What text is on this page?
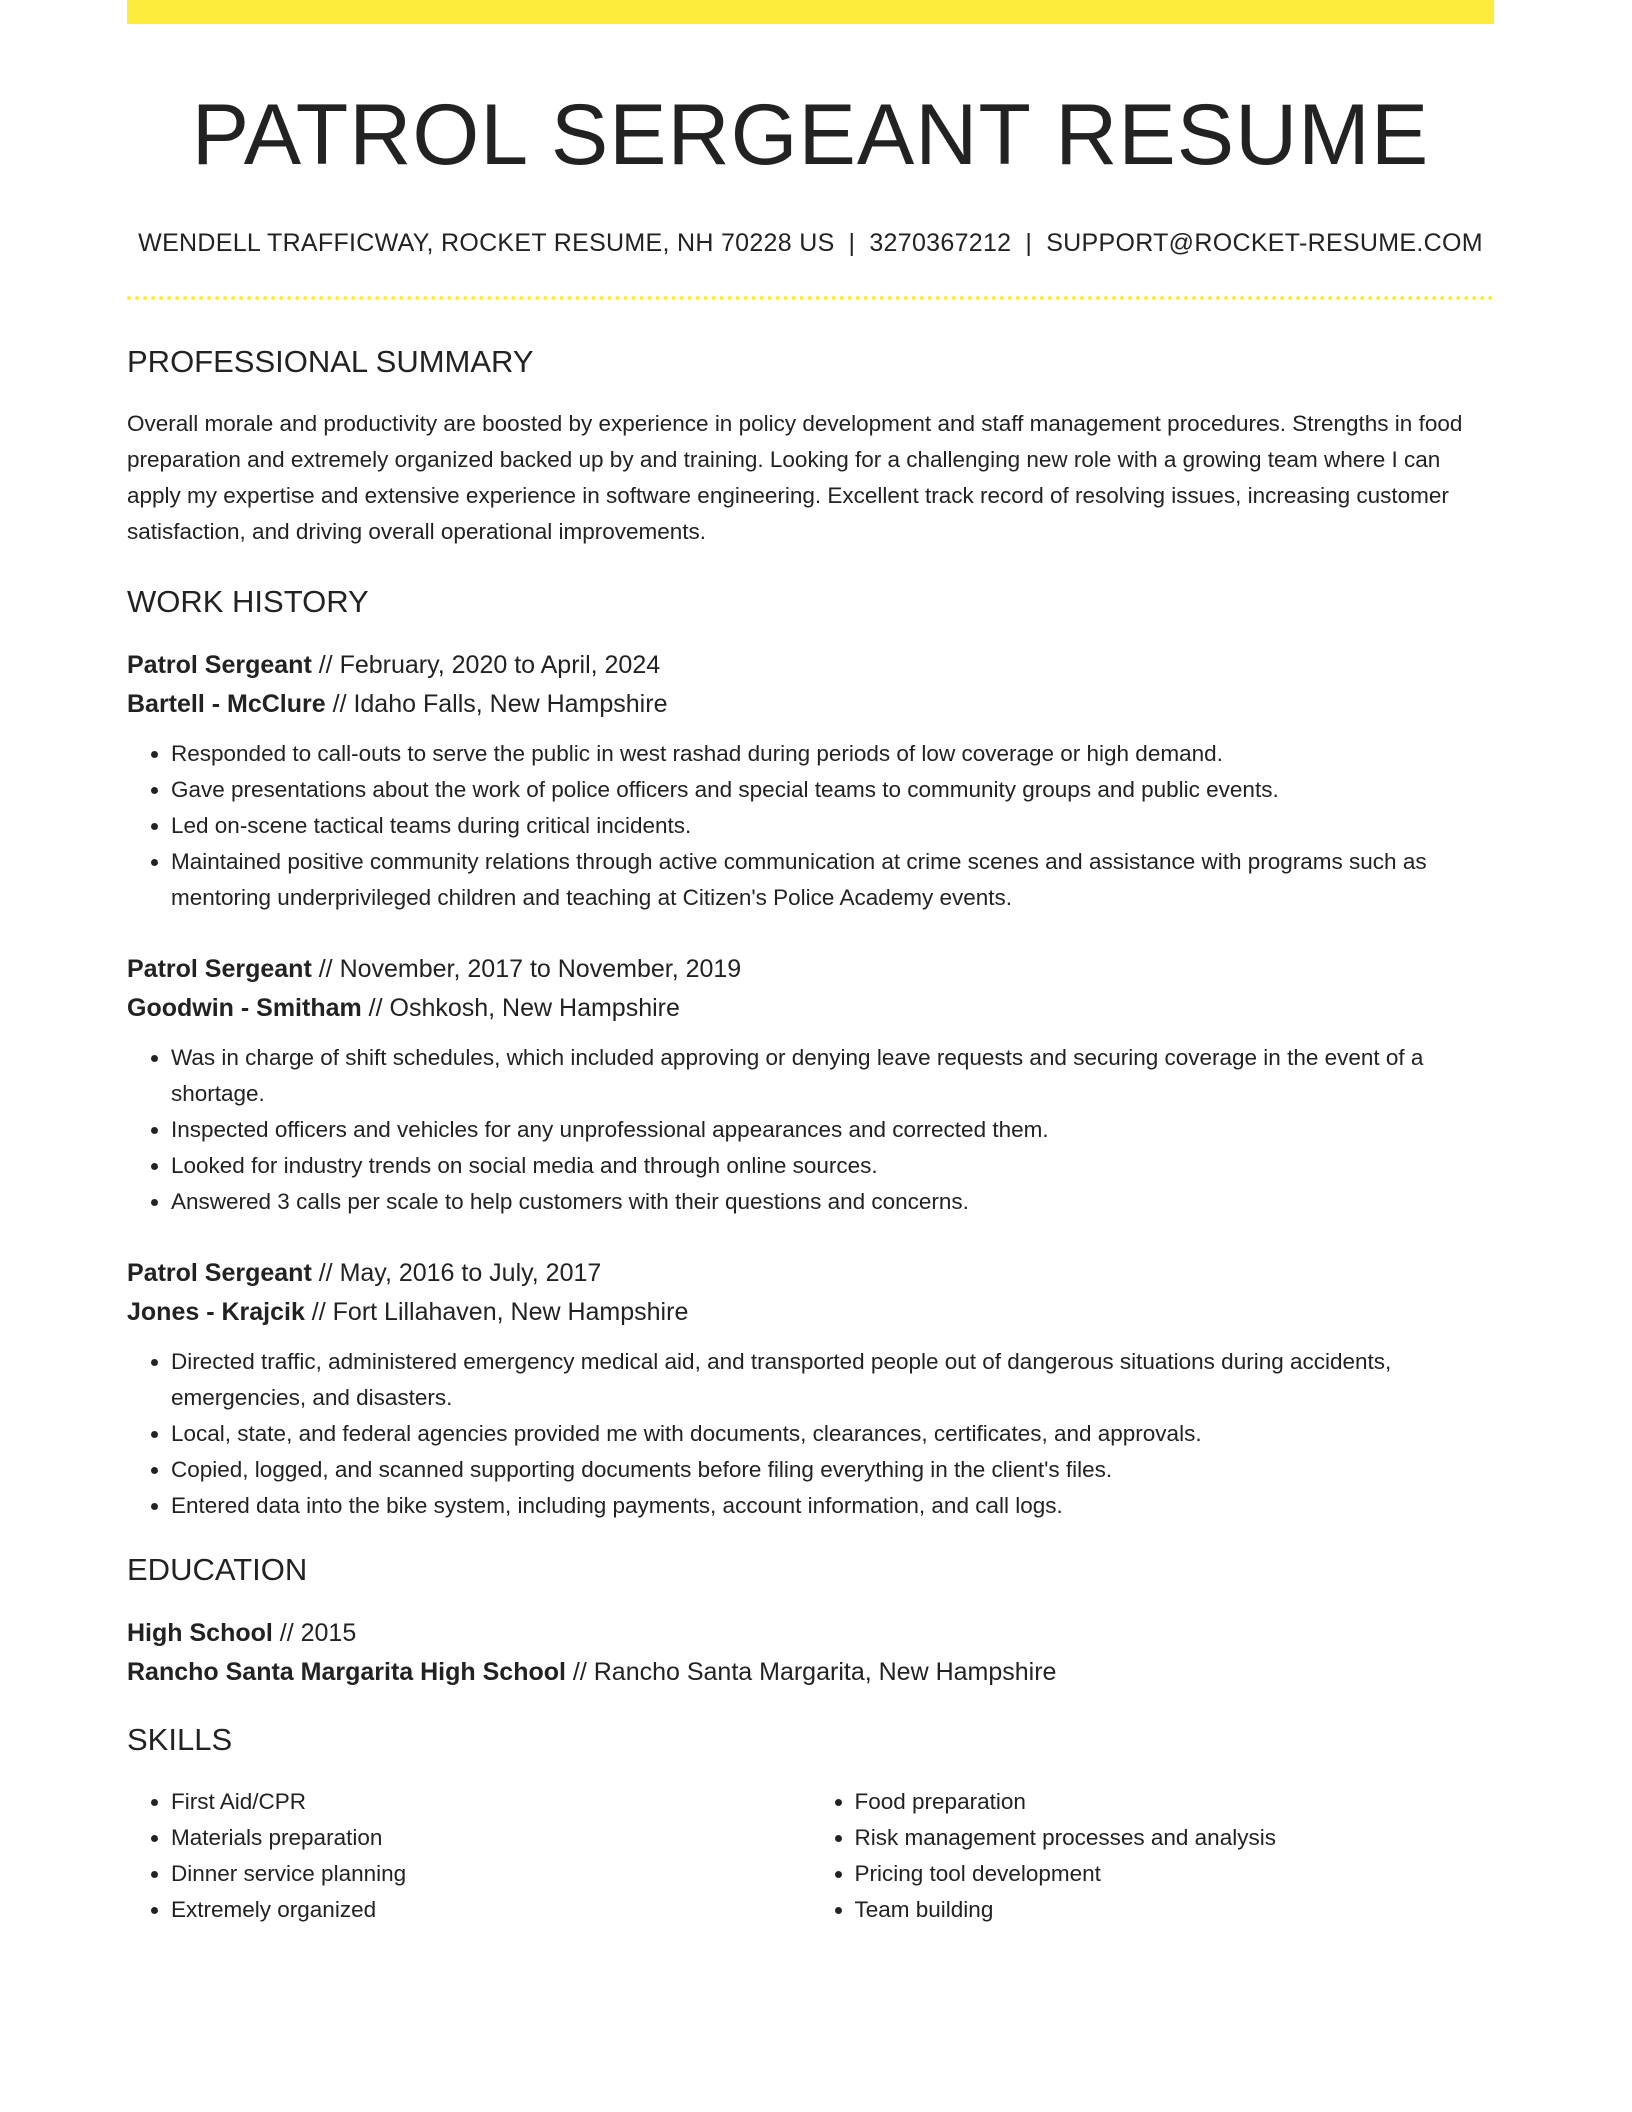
PATROL SERGEANT RESUME
WENDELL TRAFFICWAY, ROCKET RESUME, NH 70228 US | 3270367212 | SUPPORT@ROCKET-RESUME.COM
PROFESSIONAL SUMMARY

Overall morale and productivity are boosted by experience in policy development and staff management procedures. Strengths in food preparation and extremely organized backed up by and training. Looking for a challenging new role with a growing team where I can apply my expertise and extensive experience in software engineering. Excellent track record of resolving issues, increasing customer satisfaction, and driving overall operational improvements.

WORK HISTORY
Patrol Sergeant // February, 2020 to April, 2024
Bartell - McClure // Idaho Falls, New Hampshire
• Responded to call-outs to serve the public in west rashad during periods of low coverage or high demand.
• Gave presentations about the work of police officers and special teams to community groups and public events.
• Led on-scene tactical teams during critical incidents.
• Maintained positive community relations through active communication at crime scenes and assistance with programs such as mentoring underprivileged children and teaching at Citizen's Police Academy events.
Patrol Sergeant // November, 2017 to November, 2019
Goodwin - Smitham // Oshkosh, New Hampshire
• Was in charge of shift schedules, which included approving or denying leave requests and securing coverage in the event of a shortage.
• Inspected officers and vehicles for any unprofessional appearances and corrected them.
• Looked for industry trends on social media and through online sources.
• Answered 3 calls per scale to help customers with their questions and concerns.
Patrol Sergeant // May, 2016 to July, 2017
Jones - Krajcik // Fort Lillahaven, New Hampshire
• Directed traffic, administered emergency medical aid, and transported people out of dangerous situations during accidents, emergencies, and disasters.
• Local, state, and federal agencies provided me with documents, clearances, certificates, and approvals.
• Copied, logged, and scanned supporting documents before filing everything in the client's files.
• Entered data into the bike system, including payments, account information, and call logs.
EDUCATION
High School // 2015
Rancho Santa Margarita High School // Rancho Santa Margarita, New Hampshire
SKILLS
• First Aid/CPR
• Materials preparation
• Dinner service planning
• Extremely organized
• Food preparation
• Risk management processes and analysis
• Pricing tool development
• Team building
